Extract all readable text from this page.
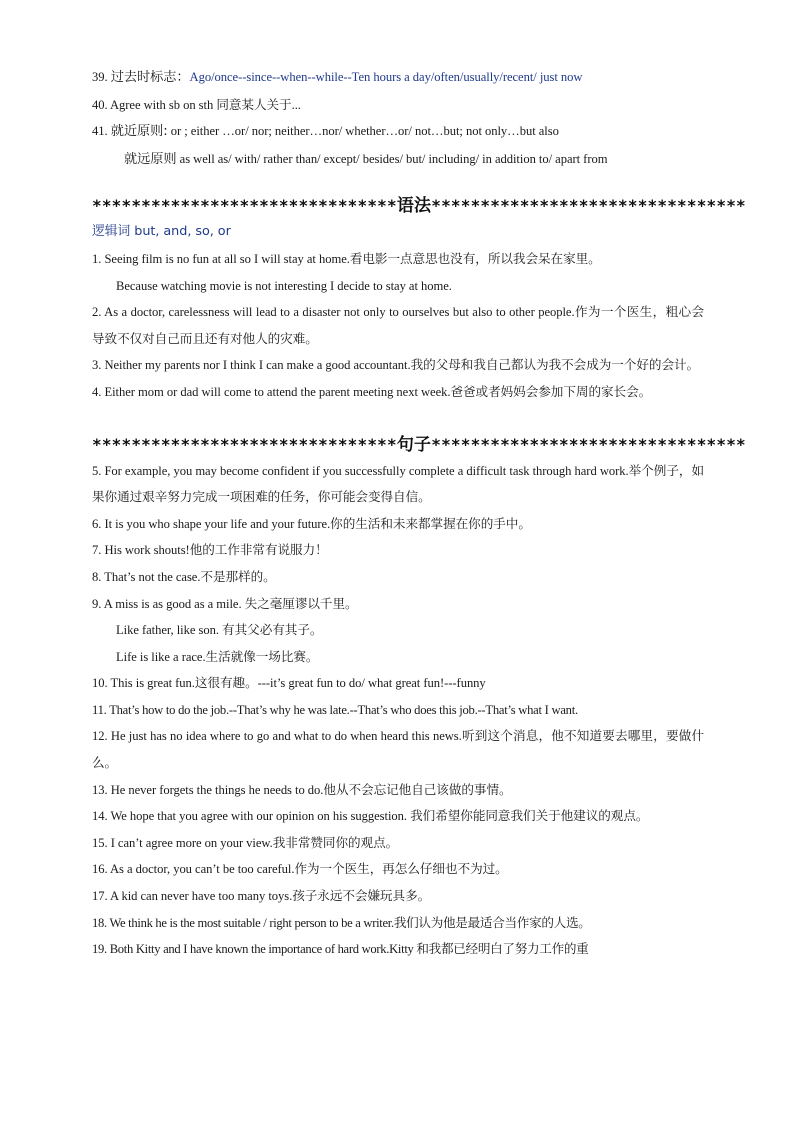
39. 过去时标志：Ago/once--since--when--while--Ten hours a day/often/usually/recent/ just now
40. Agree with sb on sth 同意某人关于...
41. 就近原则: or ; either …or/ nor; neither…nor/ whether…or/ not…but; not only…but also
就远原则 as well as/ with/ rather than/ except/ besides/ but/ including/ in addition to/ apart from
*******************************语法********************************
逻辑词 but, and, so, or
1. Seeing film is no fun at all so I will stay at home.看电影一点意思也没有，所以我会呆在家里。
Because watching movie is not interesting I decide to stay at home.
2. As a doctor, carelessness will lead to a disaster not only to ourselves but also to other people.作为一个医生，粗心会导致不仅对自己而且还有对他人的灾难。
3. Neither my parents nor I think I can make a good accountant.我的父母和我自己都认为我不会成为一个好的会计。
4. Either mom or dad will come to attend the parent meeting next week.爸爸或者妈妈会参加下周的家长会。
*******************************句子********************************
5. For example, you may become confident if you successfully complete a difficult task through hard work.举个例子，如果你通过艰辛努力完成一项困难的任务，你可能会变得自信。
6. It is you who shape your life and your future.你的生活和未来都掌握在你的手中。
7. His work shouts!他的工作非常有说服力！
8. That’s not the case.不是那样的。
9. A miss is as good as a mile. 失之毫厘谬以千里。
Like father, like son. 有其父必有其子。
Life is like a race.生活就像一场比赛。
10. This is great fun.这很有趣。---it’s great fun to do/ what great fun!---funny
11. That’s how to do the job.--That’s why he was late.--That’s who does this job.--That’s what I want.
12. He just has no idea where to go and what to do when heard this news.听到这个消息，他不知道要去哪里，要做什么。
13. He never forgets the things he needs to do.他从不会忘记他自己该做的事情。
14. We hope that you agree with our opinion on his suggestion. 我们希望你能同意我们关于他建议的观点。
15. I can’t agree more on your view.我非常赞同你的观点。
16. As a doctor, you can’t be too careful.作为一个医生，再怎么仔细也不为过。
17. A kid can never have too many toys.孩子永远不会嫌玩具多。
18. We think he is the most suitable / right person to be a writer.我们认为他是最适合当作家的人选。
19. Both Kitty and I have known the importance of hard work.Kitty 和我都已经明白了努力工作的重
